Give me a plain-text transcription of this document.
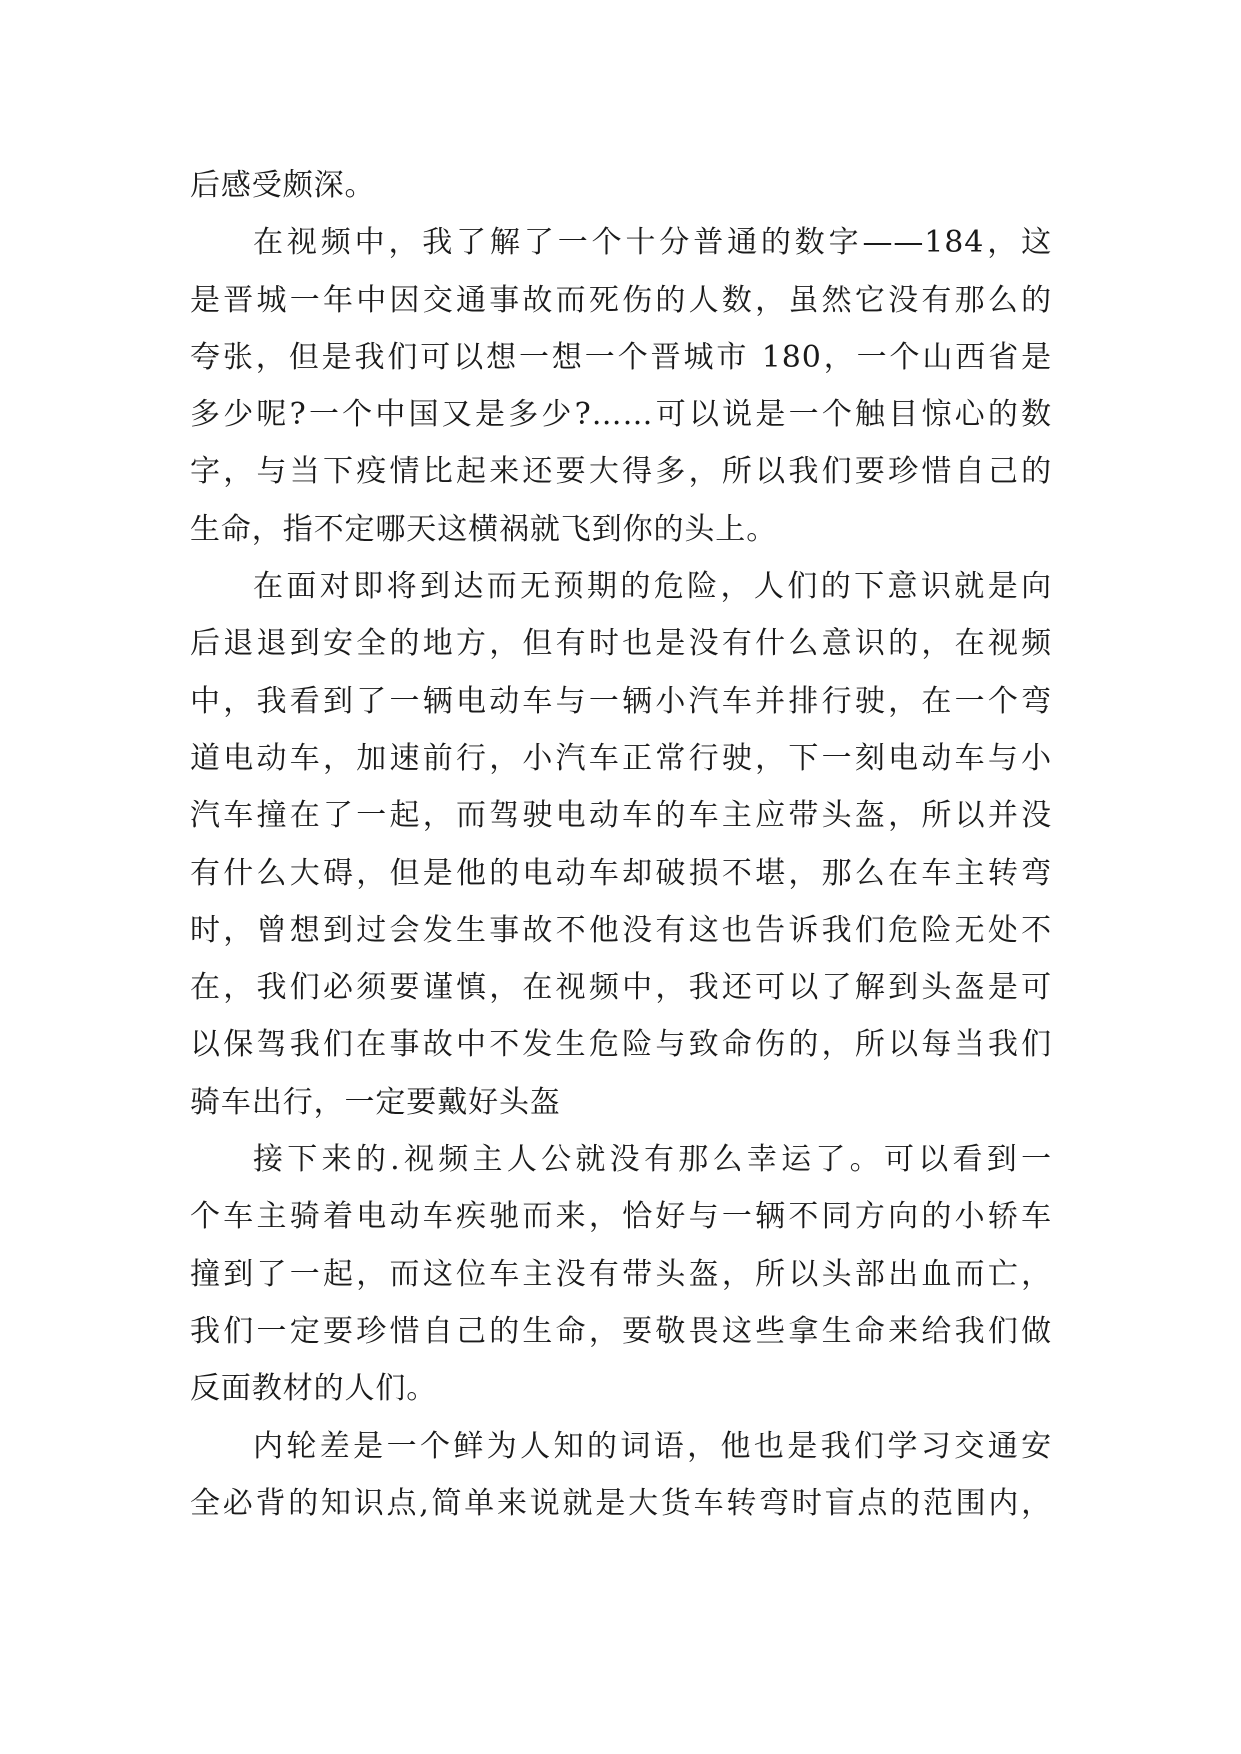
后感受颇深。
在视频中，我了解了一个十分普通的数字——184，这
是晋城一年中因交通事故而死伤的人数，虽然它没有那么的
夸张，但是我们可以想一想一个晋城市 180，一个山西省是
多少呢?一个中国又是多少?……可以说是一个触目惊心的数
字，与当下疫情比起来还要大得多，所以我们要珍惜自己的
生命，指不定哪天这横祸就飞到你的头上。
在面对即将到达而无预期的危险，人们的下意识就是向
后退退到安全的地方，但有时也是没有什么意识的，在视频
中，我看到了一辆电动车与一辆小汽车并排行驶，在一个弯
道电动车，加速前行，小汽车正常行驶，下一刻电动车与小
汽车撞在了一起，而驾驶电动车的车主应带头盔，所以并没
有什么大碍，但是他的电动车却破损不堪，那么在车主转弯
时，曾想到过会发生事故不他没有这也告诉我们危险无处不
在，我们必须要谨慎，在视频中，我还可以了解到头盔是可
以保驾我们在事故中不发生危险与致命伤的，所以每当我们
骑车出行，一定要戴好头盔
接下来的.视频主人公就没有那么幸运了。可以看到一
个车主骑着电动车疾驰而来，恰好与一辆不同方向的小轿车
撞到了一起，而这位车主没有带头盔，所以头部出血而亡，
我们一定要珍惜自己的生命，要敬畏这些拿生命来给我们做
反面教材的人们。
内轮差是一个鲜为人知的词语，他也是我们学习交通安
全必背的知识点,简单来说就是大货车转弯时盲点的范围内，
